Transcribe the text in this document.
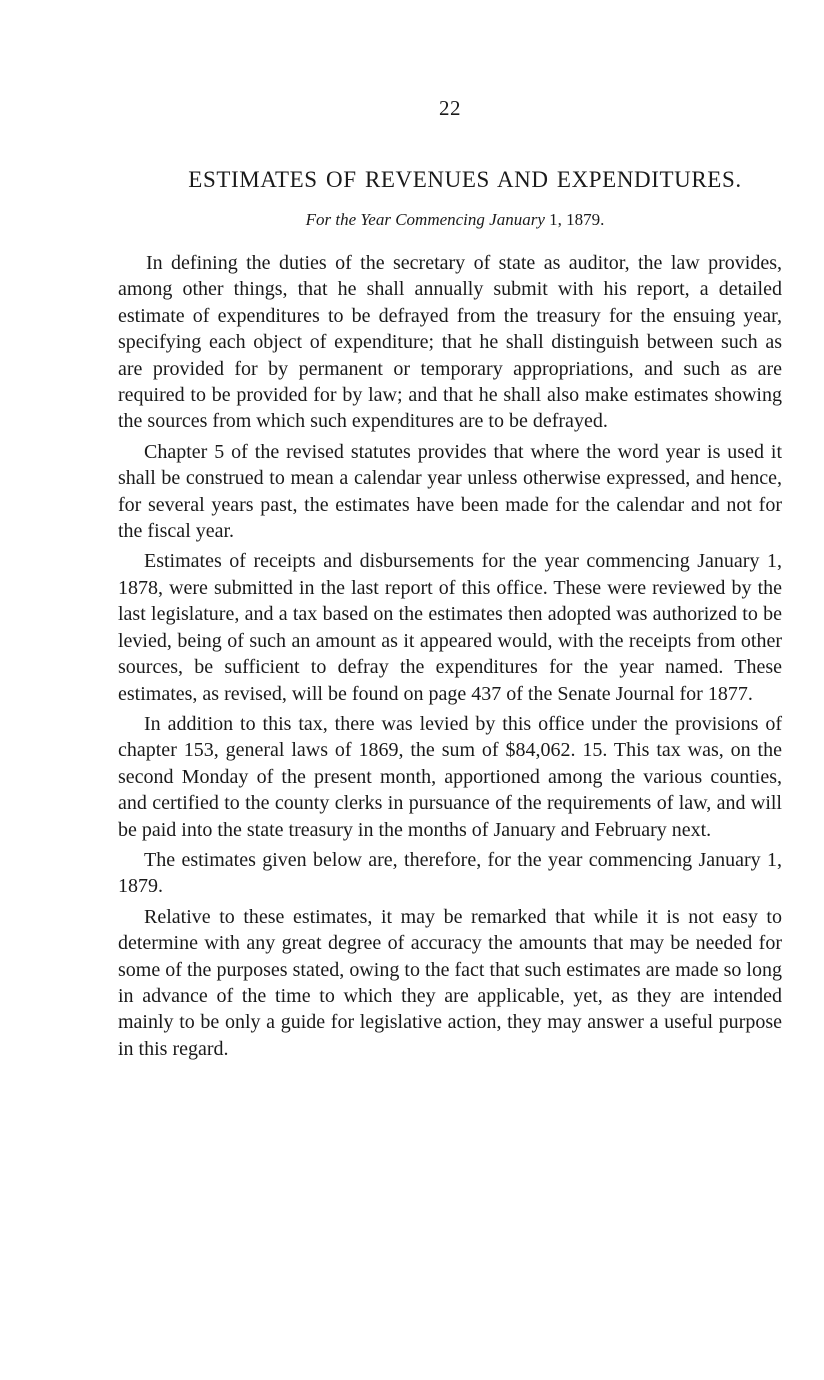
22
ESTIMATES OF REVENUES AND EXPENDITURES.
For the Year Commencing January 1, 1879.

In defining the duties of the secretary of state as auditor, the law provides, among other things, that he shall annually submit with his report, a detailed estimate of expenditures to be defrayed from the treasury for the ensuing year, specifying each object of expenditure; that he shall distinguish between such as are provided for by permanent or temporary appropriations, and such as are required to be provided for by law; and that he shall also make estimates showing the sources from which such expenditures are to be defrayed.

Chapter 5 of the revised statutes provides that where the word year is used it shall be construed to mean a calendar year unless otherwise expressed, and hence, for several years past, the estimates have been made for the calendar and not for the fiscal year.

Estimates of receipts and disbursements for the year commencing January 1, 1878, were submitted in the last report of this office. These were reviewed by the last legislature, and a tax based on the estimates then adopted was authorized to be levied, being of such an amount as it appeared would, with the receipts from other sources, be sufficient to defray the expenditures for the year named. These estimates, as revised, will be found on page 437 of the Senate Journal for 1877.

In addition to this tax, there was levied by this office under the provisions of chapter 153, general laws of 1869, the sum of $84,062. 15. This tax was, on the second Monday of the present month, apportioned among the various counties, and certified to the county clerks in pursuance of the requirements of law, and will be paid into the state treasury in the months of January and February next.

The estimates given below are, therefore, for the year commencing January 1, 1879.

Relative to these estimates, it may be remarked that while it is not easy to determine with any great degree of accuracy the amounts that may be needed for some of the purposes stated, owing to the fact that such estimates are made so long in advance of the time to which they are applicable, yet, as they are intended mainly to be only a guide for legislative action, they may answer a useful purpose in this regard.
